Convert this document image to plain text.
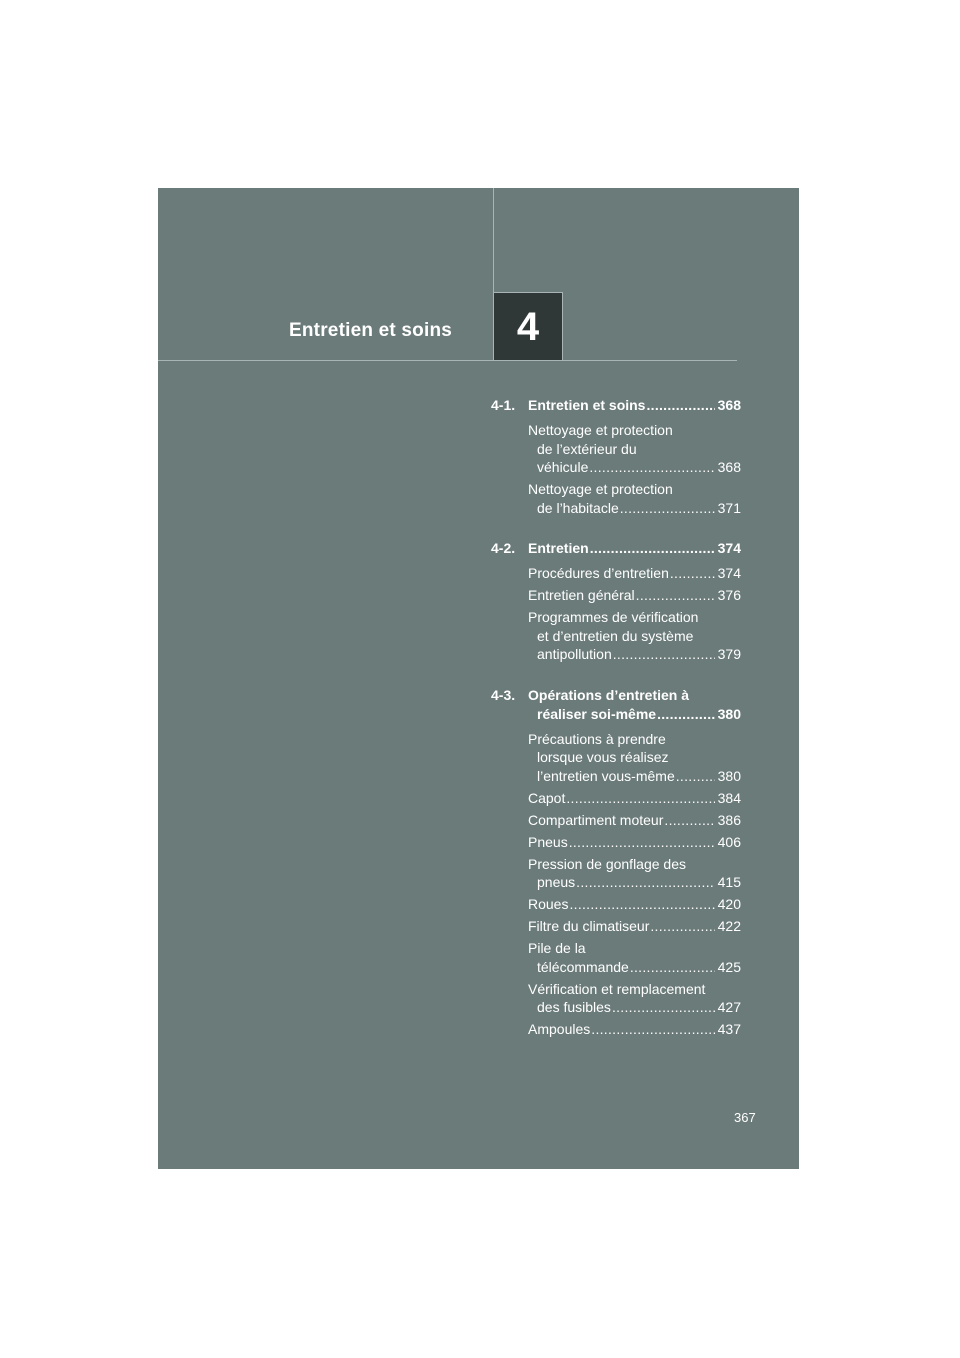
Entretien et soins	4
4-1. Entretien et soins . . .	368
Nettoyage et protection
de l’extérieur du
véhicule . . .	368
Nettoyage et protection
de l’habitacle . . .	371
4-2. Entretien . . .	374
Procédures d’entretien . . .	374
Entretien général . . .	376
Programmes de vérification
et d’entretien du système
antipollution . . .	379
4-3. Opérations d’entretien à
réaliser soi-même . . .	380
Précautions à prendre
lorsque vous réalisez
l’entretien vous-même . . .	380
Capot . . .	384
Compartiment moteur . . .	386
Pneus . . .	406
Pression de gonflage des
pneus . . .	415
Roues . . .	420
Filtre du climatiseur . . .	422
Pile de la
télécommande . . .	425
Vérification et remplacement
des fusibles . . .	427
Ampoules . . .	437
367
